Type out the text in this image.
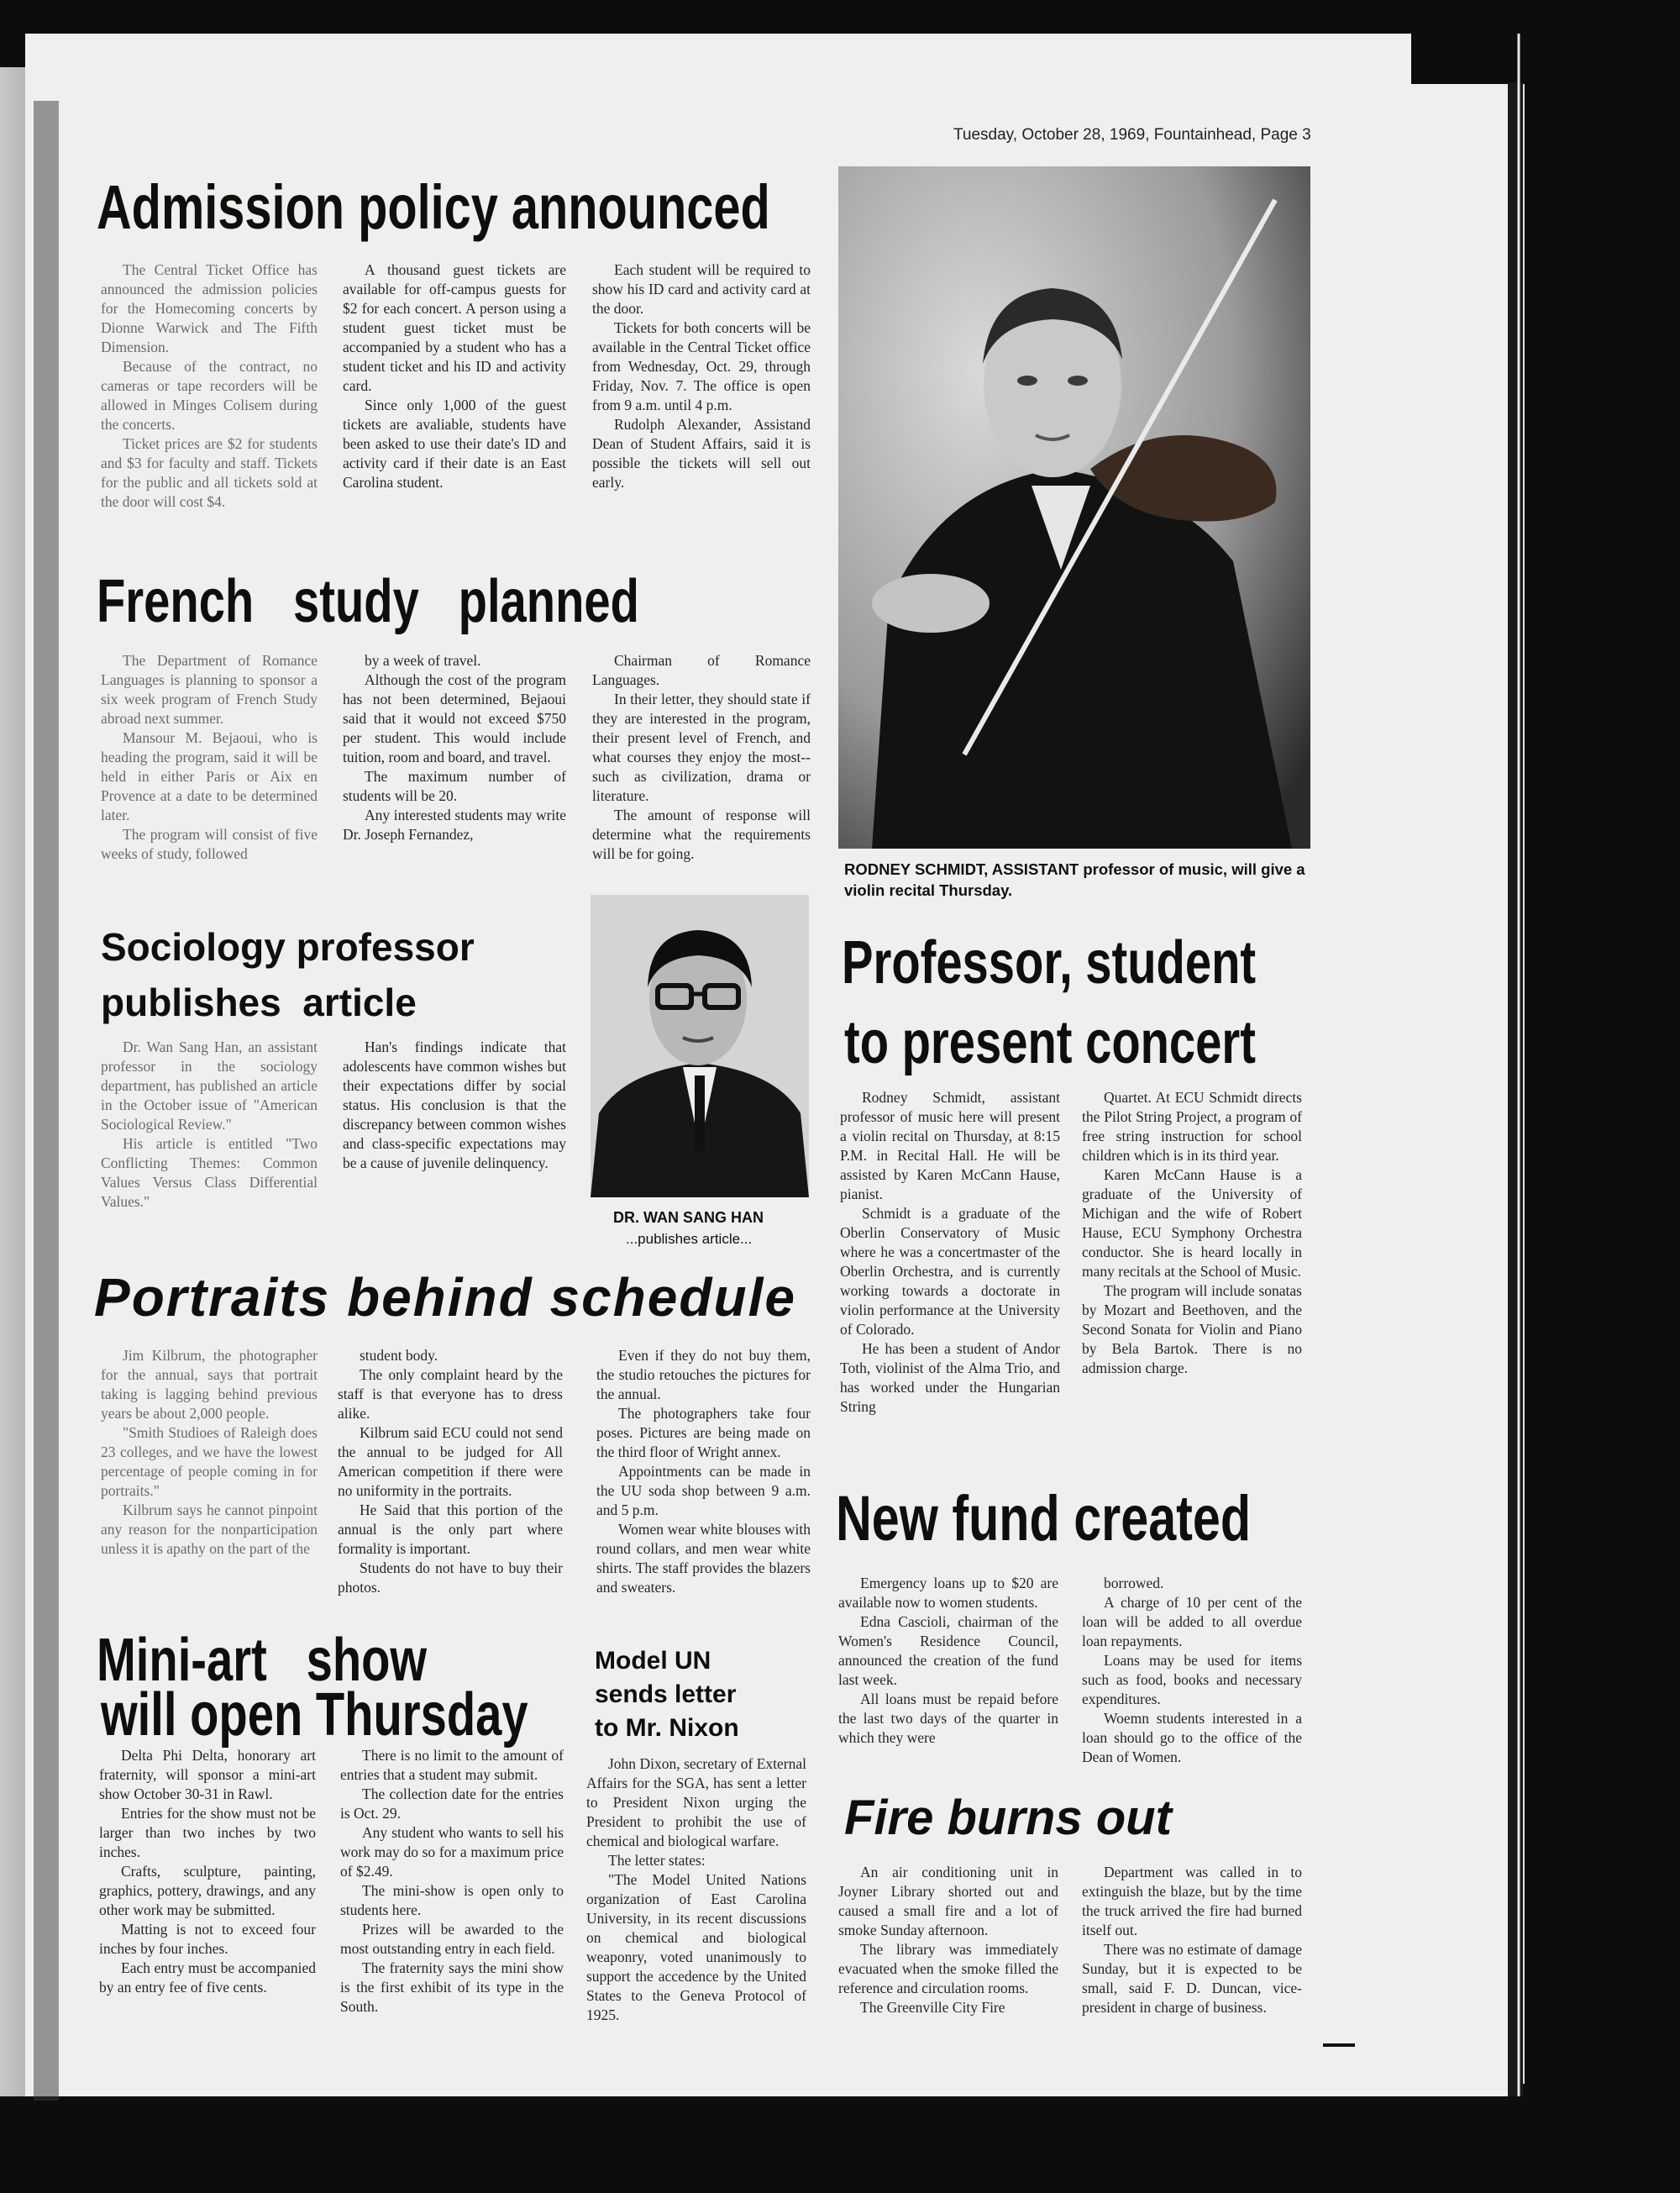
Tuesday, October 28, 1969, Fountainhead, Page 3
Admission policy announced

The Central Ticket Office has announced the admission policies for the Homecoming concerts by Dionne Warwick and The Fifth Dimension.

Because of the contract, no cameras or tape recorders will be allowed in Minges Colisem during the concerts.

Ticket prices are $2 for students and $3 for faculty and staff. Tickets for the public and all tickets sold at the door will cost $4.

A thousand guest tickets are available for off-campus guests for $2 for each concert. A person using a student guest ticket must be accompanied by a student who has a student ticket and his ID and activity card.

Since only 1,000 of the guest tickets are avaliable, students have been asked to use their date's ID and activity card if their date is an East Carolina student.

Each student will be required to show his ID card and activity card at the door.

Tickets for both concerts will be available in the Central Ticket office from Wednesday, Oct. 29, through Friday, Nov. 7. The office is open from 9 a.m. until 4 p.m.

Rudolph Alexander, Assistand Dean of Student Affairs, said it is possible the tickets will sell out early.

French   study   planned

The Department of Romance Languages is planning to sponsor a six week program of French Study abroad next summer.

Mansour M. Bejaoui, who is heading the program, said it will be held in either Paris or Aix en Provence at a date to be determined later.

The program will consist of five weeks of study, followed

by a week of travel.

Although the cost of the program has not been determined, Bejaoui said that it would not exceed $750 per student. This would include tuition, room and board, and travel.

The maximum number of students will be 20.

Any interested students may write Dr. Joseph Fernandez,

Chairman of Romance Languages.

In their letter, they should state if they are interested in the program, their present level of French, and what courses they enjoy the most--such as civilization, drama or literature.

The amount of response will determine what the requirements will be for going.

RODNEY SCHMIDT, ASSISTANT professor of music, will give a violin recital Thursday.
Sociology professor
publishes  article

Dr. Wan Sang Han, an assistant professor in the sociology department, has published an article in the October issue of "American Sociological Review."

His article is entitled "Two Conflicting Themes: Common Values Versus Class Differential Values."

Han's findings indicate that adolescents have common wishes but their expectations differ by social status. His conclusion is that the discrepancy between common wishes and class-specific expectations may be a cause of juvenile delinquency.

DR. WAN SANG HAN
...publishes article...
Professor, student
to present concert

Rodney Schmidt, assistant professor of music here will present a violin recital on Thursday, at 8:15 P.M. in Recital Hall. He will be assisted by Karen McCann Hause, pianist.

Schmidt is a graduate of the Oberlin Conservatory of Music where he was a concertmaster of the Oberlin Orchestra, and is currently working towards a doctorate in violin performance at the University of Colorado.

He has been a student of Andor Toth, violinist of the Alma Trio, and has worked under the Hungarian String

Quartet. At ECU Schmidt directs the Pilot String Project, a program of free string instruction for school children which is in its third year.

Karen McCann Hause is a graduate of the University of Michigan and the wife of Robert Hause, ECU Symphony Orchestra conductor. She is heard locally in many recitals at the School of Music.

The program will include sonatas by Mozart and Beethoven, and the Second Sonata for Violin and Piano by Bela Bartok. There is no admission charge.

Portraits behind schedule

Jim Kilbrum, the photographer for the annual, says that portrait taking is lagging behind previous years be about 2,000 people.

"Smith Studioes of Raleigh does 23 colleges, and we have the lowest percentage of people coming in for portraits."

Kilbrum says he cannot pinpoint any reason for the nonparticipation unless it is apathy on the part of the

student body.

The only complaint heard by the staff is that everyone has to dress alike.

Kilbrum said ECU could not send the annual to be judged for All American competition if there were no uniformity in the portraits.

He Said that this portion of the annual is the only part where formality is important.

Students do not have to buy their photos.

Even if they do not buy them, the studio retouches the pictures for the annual.

The photographers take four poses. Pictures are being made on the third floor of Wright annex.

Appointments can be made in the UU soda shop between 9 a.m. and 5 p.m.

Women wear white blouses with round collars, and men wear white shirts. The staff provides the blazers and sweaters.

New fund created

Emergency loans up to $20 are available now to women students.

Edna Cascioli, chairman of the Women's Residence Council, announced the creation of the fund last week.

All loans must be repaid before the last two days of the quarter in which they were

borrowed.

A charge of 10 per cent of the loan will be added to all overdue loan repayments.

Loans may be used for items such as food, books and necessary expenditures.

Woemn students interested in a loan should go to the office of the Dean of Women.

Mini-art   show
will open Thursday

Delta Phi Delta, honorary art fraternity, will sponsor a mini-art show October 30-31 in Rawl.

Entries for the show must not be larger than two inches by two inches.

Crafts, sculpture, painting, graphics, pottery, drawings, and any other work may be submitted.

Matting is not to exceed four inches by four inches.

Each entry must be accompanied by an entry fee of five cents.

There is no limit to the amount of entries that a student may submit.

The collection date for the entries is Oct. 29.

Any student who wants to sell his work may do so for a maximum price of $2.49.

The mini-show is open only to students here.

Prizes will be awarded to the most outstanding entry in each field.

The fraternity says the mini show is the first exhibit of its type in the South.

Model UN
sends letter
to Mr. Nixon

John Dixon, secretary of External Affairs for the SGA, has sent a letter to President Nixon urging the President to prohibit the use of chemical and biological warfare.

The letter states:

"The Model United Nations organization of East Carolina University, in its recent discussions on chemical and biological weaponry, voted unanimously to support the accedence by the United States to the Geneva Protocol of 1925.

Fire burns out

An air conditioning unit in Joyner Library shorted out and caused a small fire and a lot of smoke Sunday afternoon.

The library was immediately evacuated when the smoke filled the reference and circulation rooms.

The Greenville City Fire

Department was called in to extinguish the blaze, but by the time the truck arrived the fire had burned itself out.

There was no estimate of damage Sunday, but it is expected to be small, said F. D. Duncan, vice-president in charge of business.
